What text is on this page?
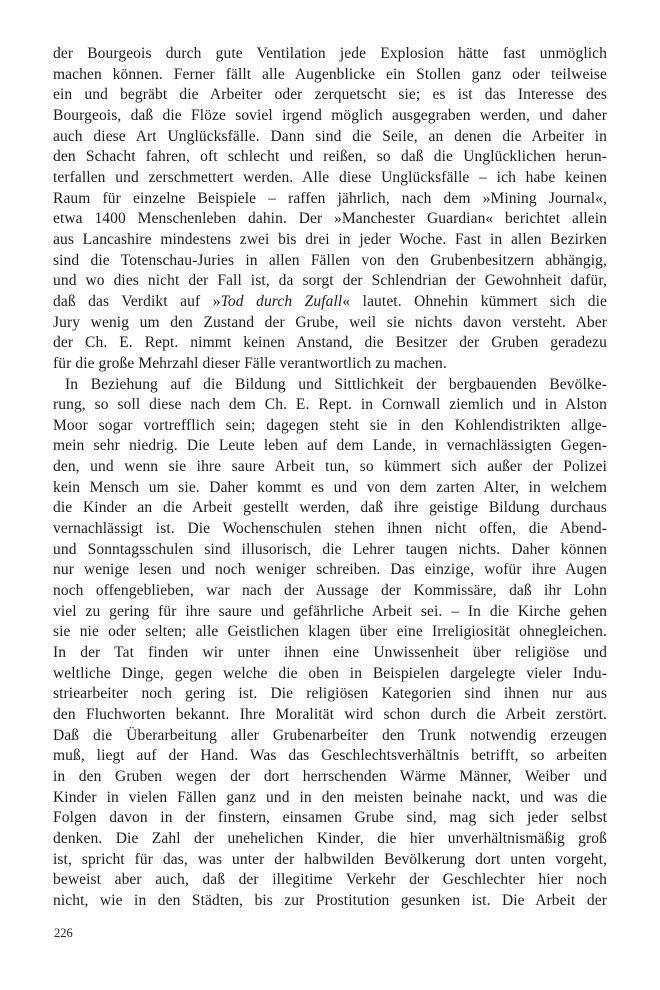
der Bourgeois durch gute Ventilation jede Explosion hätte fast unmöglich
machen können. Ferner fällt alle Augenblicke ein Stollen ganz oder teilweise
ein und begräbt die Arbeiter oder zerquetscht sie; es ist das Interesse des
Bourgeois, daß die Flöze soviel irgend möglich ausgegraben werden, und daher
auch diese Art Unglücksfälle. Dann sind die Seile, an denen die Arbeiter in
den Schacht fahren, oft schlecht und reißen, so daß die Unglücklichen herun-
terfallen und zerschmettert werden. Alle diese Unglücksfälle – ich habe keinen
Raum für einzelne Beispiele – raffen jährlich, nach dem »Mining Journal«,
etwa 1400 Menschenleben dahin. Der »Manchester Guardian« berichtet allein
aus Lancashire mindestens zwei bis drei in jeder Woche. Fast in allen Bezirken
sind die Totenschau-Juries in allen Fällen von den Grubenbesitzern abhängig,
und wo dies nicht der Fall ist, da sorgt der Schlendrian der Gewohnheit dafür,
daß das Verdikt auf »Tod durch Zufall« lautet. Ohnehin kümmert sich die
Jury wenig um den Zustand der Grube, weil sie nichts davon versteht. Aber
der Ch. E. Rept. nimmt keinen Anstand, die Besitzer der Gruben geradezu
für die große Mehrzahl dieser Fälle verantwortlich zu machen.
In Beziehung auf die Bildung und Sittlichkeit der bergbauenden Bevölke-
rung, so soll diese nach dem Ch. E. Rept. in Cornwall ziemlich und in Alston
Moor sogar vortrefflich sein; dagegen steht sie in den Kohlendistrikten allge-
mein sehr niedrig. Die Leute leben auf dem Lande, in vernachlässigten Gegen-
den, und wenn sie ihre saure Arbeit tun, so kümmert sich außer der Polizei
kein Mensch um sie. Daher kommt es und von dem zarten Alter, in welchem
die Kinder an die Arbeit gestellt werden, daß ihre geistige Bildung durchaus
vernachlässigt ist. Die Wochenschulen stehen ihnen nicht offen, die Abend-
und Sonntagsschulen sind illusorisch, die Lehrer taugen nichts. Daher können
nur wenige lesen und noch weniger schreiben. Das einzige, wofür ihre Augen
noch offengeblieben, war nach der Aussage der Kommissäre, daß ihr Lohn
viel zu gering für ihre saure und gefährliche Arbeit sei. – In die Kirche gehen
sie nie oder selten; alle Geistlichen klagen über eine Irreligiosität ohnegleichen.
In der Tat finden wir unter ihnen eine Unwissenheit über religiöse und
weltliche Dinge, gegen welche die oben in Beispielen dargelegte vieler Indu-
striearbeiter noch gering ist. Die religiösen Kategorien sind ihnen nur aus
den Fluchworten bekannt. Ihre Moralität wird schon durch die Arbeit zerstört.
Daß die Überarbeitung aller Grubenarbeiter den Trunk notwendig erzeugen
muß, liegt auf der Hand. Was das Geschlechtsverhältnis betrifft, so arbeiten
in den Gruben wegen der dort herrschenden Wärme Männer, Weiber und
Kinder in vielen Fällen ganz und in den meisten beinahe nackt, und was die
Folgen davon in der finstern, einsamen Grube sind, mag sich jeder selbst
denken. Die Zahl der unehelichen Kinder, die hier unverhältnismäßig groß
ist, spricht für das, was unter der halbwilden Bevölkerung dort unten vorgeht,
beweist aber auch, daß der illegitime Verkehr der Geschlechter hier noch
nicht, wie in den Städten, bis zur Prostitution gesunken ist. Die Arbeit der
226
